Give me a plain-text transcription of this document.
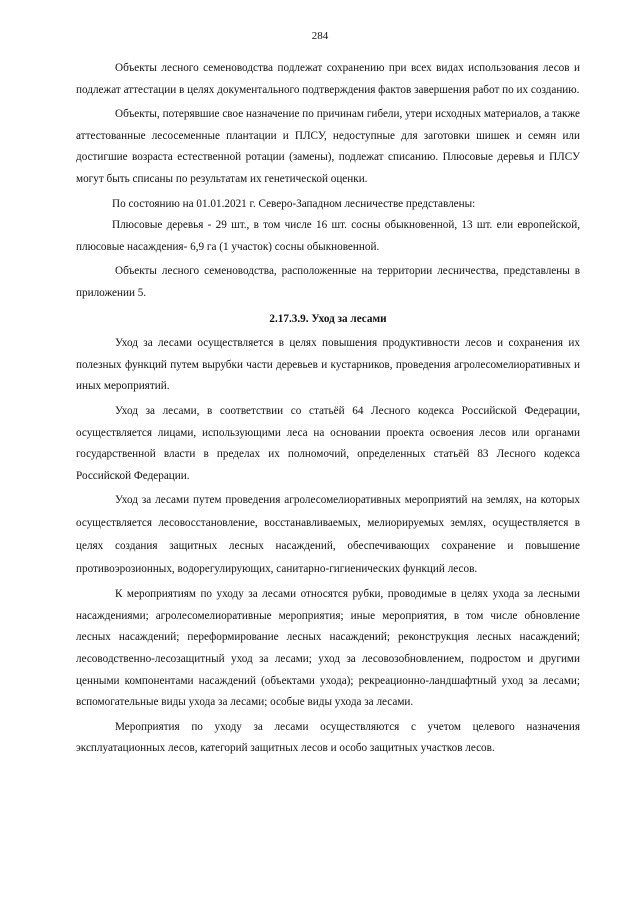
284

Объекты лесного семеноводства подлежат сохранению при всех видах использования лесов и подлежат аттестации в целях документального подтверждения фактов завершения работ по их созданию.

Объекты, потерявшие свое назначение по причинам гибели, утери исходных материалов, а также аттестованные лесосеменные плантации и ПЛСУ, недоступные для заготовки шишек и семян или достигшие возраста естественной ротации (замены), подлежат списанию. Плюсовые деревья и ПЛСУ могут быть списаны по результатам их генетической оценки.

По состоянию на 01.01.2021 г. Северо-Западном лесничестве представлены:

Плюсовые деревья - 29 шт., в том числе 16 шт. сосны обыкновенной, 13 шт. ели европейской, плюсовые насаждения- 6,9 га (1 участок) сосны обыкновенной.

Объекты лесного семеноводства, расположенные на территории лесничества, представлены в приложении 5.

2.17.3.9. Уход за лесами

Уход за лесами осуществляется в целях повышения продуктивности лесов и сохранения их полезных функций путем вырубки части деревьев и кустарников, проведения агролесомелиоративных и иных мероприятий.

Уход за лесами, в соответствии со статьёй 64 Лесного кодекса Российской Федерации, осуществляется лицами, использующими леса на основании проекта освоения лесов или органами государственной власти в пределах их полномочий, определенных статьёй 83 Лесного кодекса Российской Федерации.

Уход за лесами путем проведения агролесомелиоративных мероприятий на землях, на которых осуществляется лесовосстановление, восстанавливаемых, мелиорируемых землях, осуществляется в целях создания защитных лесных насаждений, обеспечивающих сохранение и повышение противоэрозионных, водорегулирующих, санитарно-гигиенических функций лесов.

К мероприятиям по уходу за лесами относятся рубки, проводимые в целях ухода за лесными насаждениями; агролесомелиоративные мероприятия; иные мероприятия, в том числе обновление лесных насаждений; переформирование лесных насаждений; реконструкция лесных насаждений; лесоводственно-лесозащитный уход за лесами; уход за лесовозобновлением, подростом и другими ценными компонентами насаждений (объектами ухода); рекреационно-ландшафтный уход за лесами; вспомогательные виды ухода за лесами; особые виды ухода за лесами.

Мероприятия по уходу за лесами осуществляются с учетом целевого назначения эксплуатационных лесов, категорий защитных лесов и особо защитных участков лесов.
